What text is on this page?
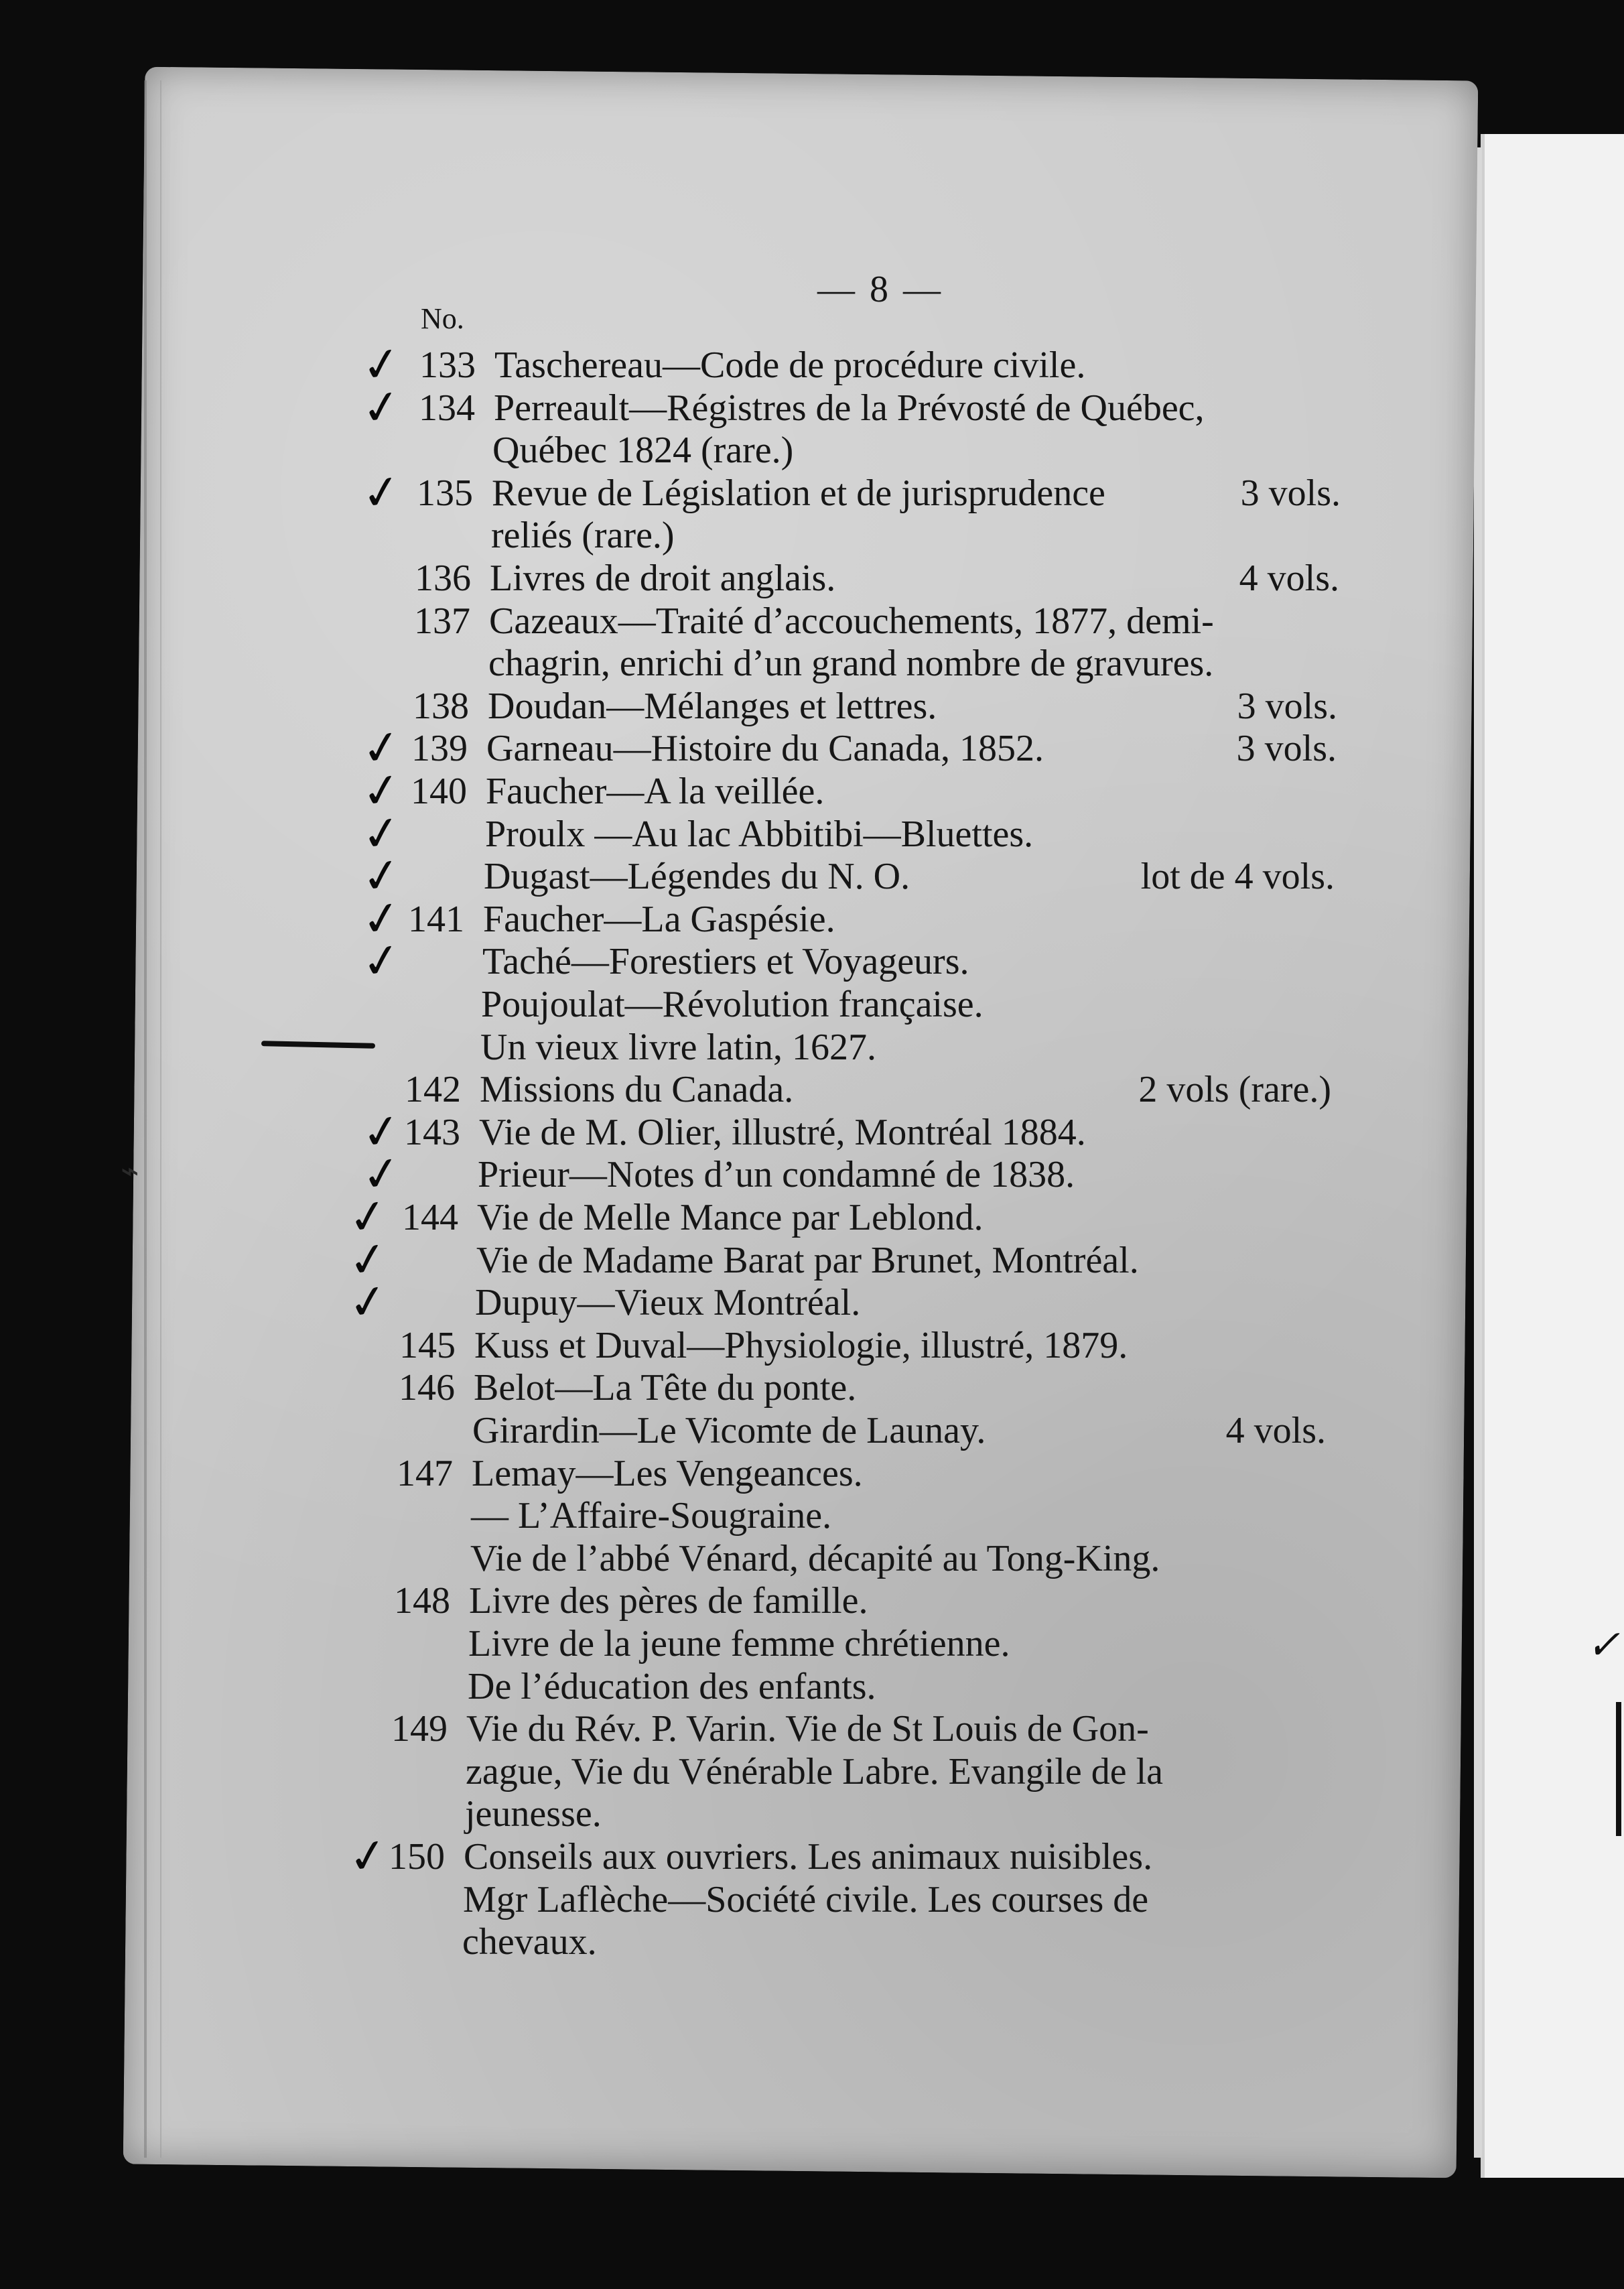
✓
— 8 —
No.
⌁
✓ 133 Taschereau—Code de procédure civile.
✓ 134 Perreault—Régistres de la Prévosté de Québec,
Québec 1824 (rare.)
✓ 135 Revue de Législation et de jurisprudence	3 vols.
reliés (rare.)
136 Livres de droit anglais.	4 vols.
137 Cazeaux—Traité d’accouchements, 1877, demi-
chagrin, enrichi d’un grand nombre de gravures.
138 Doudan—Mélanges et lettres.	3 vols.
✓ 139 Garneau—Histoire du Canada, 1852.	3 vols.
✓ 140 Faucher—A la veillée.
✓ Proulx —Au lac Abbitibi—Bluettes.
✓ Dugast—Légendes du N. O.	lot de 4 vols.
✓ 141 Faucher—La Gaspésie.
✓ Taché—Forestiers et Voyageurs.
Poujoulat—Révolution française.
Un vieux livre latin, 1627.
142 Missions du Canada.	2 vols (rare.)
✓
143 Vie de M. Olier, illustré, Montréal 1884.
✓ Prieur—Notes d’un condamné de 1838.
✓ 144 Vie de Melle Mance par Leblond.
✓ Vie de Madame Barat par Brunet, Montréal.
✓ Dupuy—Vieux Montréal.
145 Kuss et Duval—Physiologie, illustré, 1879.
146 Belot—La Tête du ponte.
Girardin—Le Vicomte de Launay.	4 vols.
147 Lemay—Les Vengeances.
— L’Affaire-Sougraine.
Vie de l’abbé Vénard, décapité au Tong-King.
148 Livre des pères de famille.
Livre de la jeune femme chrétienne.
De l’éducation des enfants.
149 Vie du Rév. P. Varin. Vie de St Louis de Gon-
zague, Vie du Vénérable Labre. Evangile de la
jeunesse.
✓
150 Conseils aux ouvriers. Les animaux nuisibles.
Mgr Laflèche—Société civile. Les courses de
chevaux.
